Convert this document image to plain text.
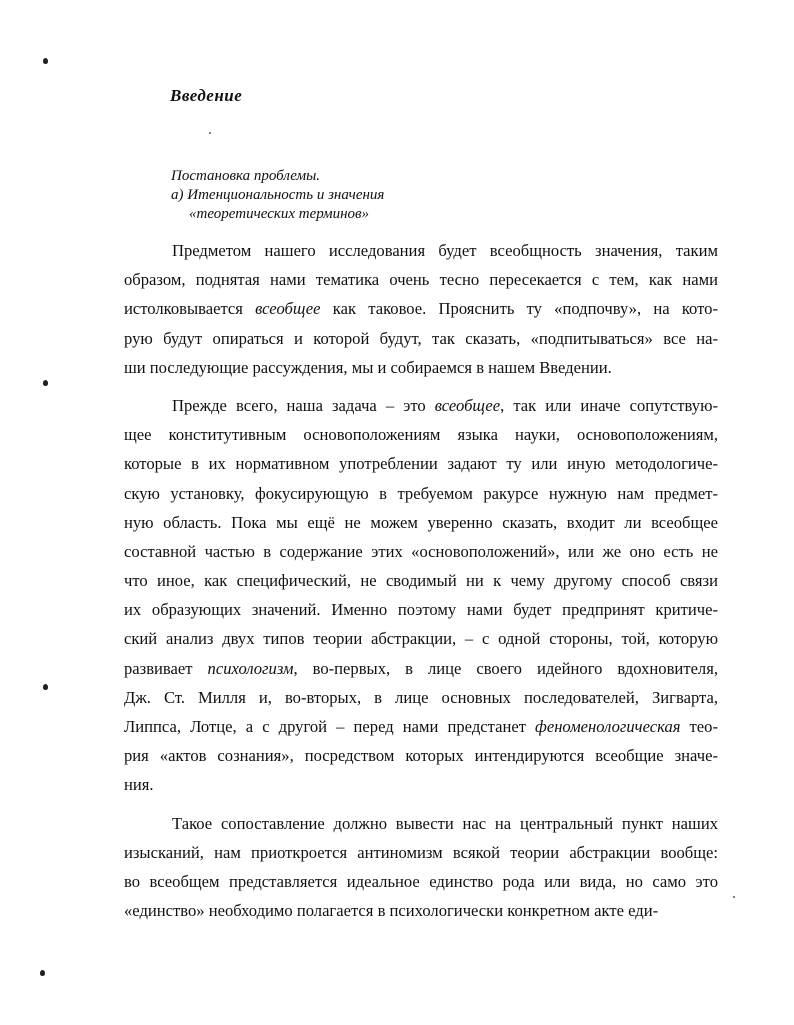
Введение
Постановка проблемы.
а) Итенциональность и значения
«теоретических терминов»
Предметом нашего исследования будет всеобщность значения, таким
образом, поднятая нами тематика очень тесно пересекается с тем, как нами
истолковывается всеобщее как таковое. Прояснить ту «подпочву», на кото-
рую будут опираться и которой будут, так сказать, «подпитываться» все на-
ши последующие рассуждения, мы и собираемся в нашем Введении.
Прежде всего, наша задача – это всеобщее, так или иначе сопутствую-
щее конститутивным основоположениям языка науки, основоположениям,
которые в их нормативном употреблении задают ту или иную методологиче-
скую установку, фокусирующую в требуемом ракурсе нужную нам предмет-
ную область. Пока мы ещё не можем уверенно сказать, входит ли всеобщее
составной частью в содержание этих «основоположений», или же оно есть не
что иное, как специфический, не сводимый ни к чему другому способ связи
их образующих значений. Именно поэтому нами будет предпринят критиче-
ский анализ двух типов теории абстракции, – с одной стороны, той, которую
развивает психологизм, во-первых, в лице своего идейного вдохновителя,
Дж. Ст. Милля и, во-вторых, в лице основных последователей, Зигварта,
Липпса, Лотце, а с другой – перед нами предстанет феноменологическая тео-
рия «актов сознания», посредством которых интендируются всеобщие значе-
ния.
Такое сопоставление должно вывести нас на центральный пункт наших
изысканий, нам приоткроется антиномизм всякой теории абстракции вообще:
во всеобщем представляется идеальное единство рода или вида, но само это
«единство» необходимо полагается в психологически конкретном акте еди-
